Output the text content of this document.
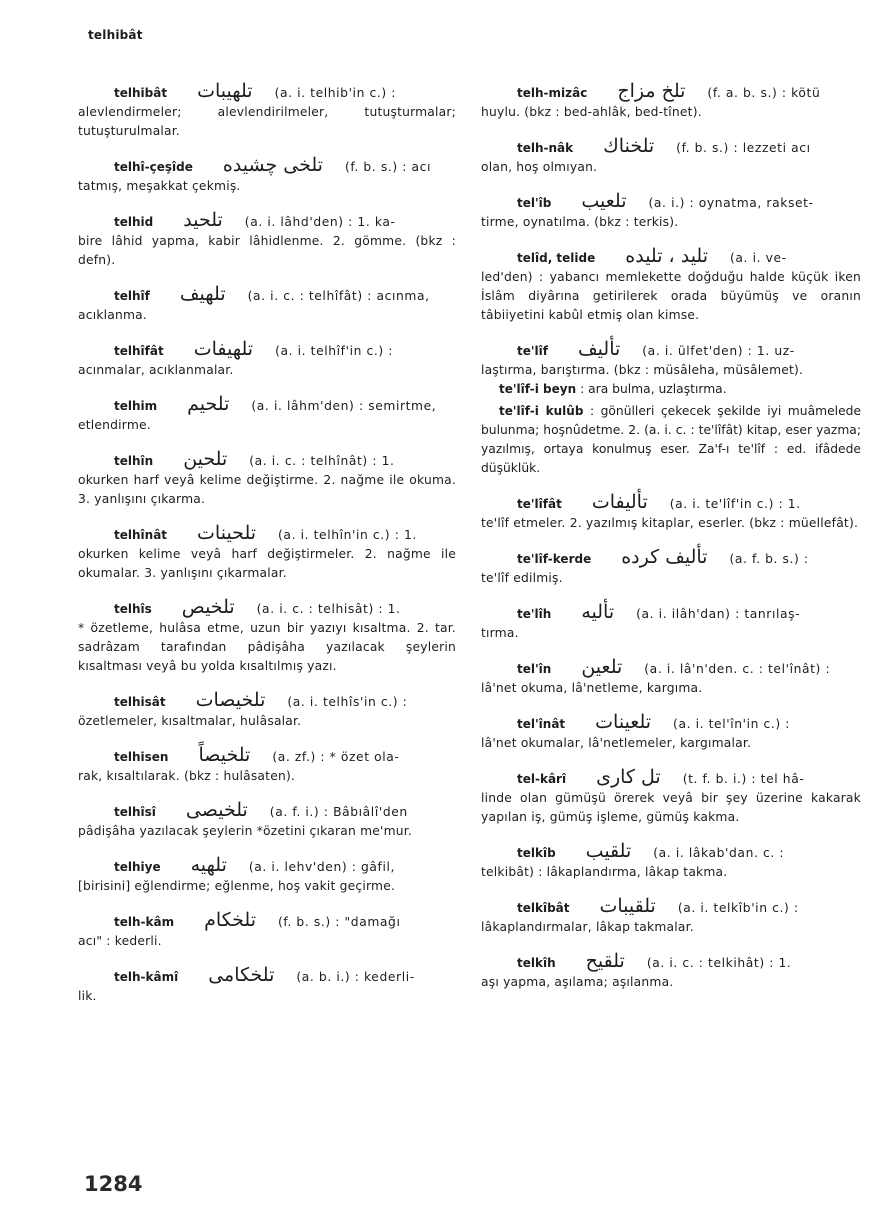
telhibât
telhibât تلهيبات (a. i. telhib'in c.) :
alevlendirmeler; alevlendirilmeler, tutuşturmalar; tutuşturulmalar.
telhî-çeşîde تلخى چشيده (f. b. s.) : acı
tatmış, meşakkat çekmiş.
telhid تلحيد (a. i. lâhd'den) : 1. ka-
bire lâhid yapma, kabir lâhidlenme. 2. gömme. (bkz : defn).
telhîf تلهيف (a. i. c. : telhîfât) : acınma,
acıklanma.
telhîfât تلهيفات (a. i. telhîf'in c.) :
acınmalar, acıklanmalar.
telhim تلحيم (a. i. lâhm'den) : semirtme,
etlendirme.
telhîn تلحين (a. i. c. : telhînât) : 1.
okurken harf veyâ kelime değiştirme. 2. nağme ile okuma. 3. yanlışını çıkarma.
telhînât تلحينات (a. i. telhîn'in c.) : 1.
okurken kelime veyâ harf değiştirmeler. 2. nağme ile okumalar. 3. yanlışını çıkarmalar.
telhîs تلخيص (a. i. c. : telhisât) : 1.
* özetleme, hulâsa etme, uzun bir yazıyı kısaltma. 2. tar. sadrâzam tarafından pâdişâha yazılacak şeylerin kısaltması veyâ bu yolda kısaltılmış yazı.
telhisât تلخيصات (a. i. telhîs'in c.) :
özetlemeler, kısaltmalar, hulâsalar.
telhisen تلخيصاً (a. zf.) : * özet ola-
rak, kısaltılarak. (bkz : hulâsaten).
telhîsî تلخيصى (a. f. i.) : Bâbıâlî'den
pâdişâha yazılacak şeylerin *özetini çıkaran me'mur.
telhiye تلهيه (a. i. lehv'den) : gâfil,
[birisini] eğlendirme; eğlenme, hoş vakit geçirme.
telh-kâm تلخكام (f. b. s.) : "damağı
acı" : kederli.
telh-kâmî تلخكامى (a. b. i.) : kederli-
lik.
telh-mizâc تلخ مزاج (f. a. b. s.) : kötü
huylu. (bkz : bed-ahlâk, bed-tînet).
telh-nâk تلخناك (f. b. s.) : lezzeti acı
olan, hoş olmıyan.
tel'îb تلعيب (a. i.) : oynatma, rakset-
tirme, oynatılma. (bkz : terkis).
telîd, telide تليد ، تليده (a. i. ve-
led'den) : yabancı memlekette doğduğu halde küçük iken İslâm diyârına getirilerek orada büyümüş ve oranın tâbiiyetini kabûl etmiş olan kimse.
te'lîf تأليف (a. i. ülfet'den) : 1. uz-
laştırma, barıştırma. (bkz : müsâleha, müsâlemet).
te'lîf-i beyn : ara bulma, uzlaştırma.
te'lîf-i kulûb : gönülleri çekecek şekilde iyi muâmelede bulunma; hoşnûdetme. 2. (a. i. c. : te'lîfât) kitap, eser yazma; yazılmış, ortaya konulmuş eser. Za'f-ı te'lîf : ed. ifâdede düşüklük.
te'lîfât تأليفات (a. i. te'lîf'in c.) : 1.
te'lîf etmeler. 2. yazılmış kitaplar, eserler. (bkz : müellefât).
te'lîf-kerde تأليف كرده (a. f. b. s.) :
te'lîf edilmiş.
te'lîh تأليه (a. i. ilâh'dan) : tanrılaş-
tırma.
tel'în تلعين (a. i. lâ'n'den. c. : tel'înât) :
lâ'net okuma, lâ'netleme, kargıma.
tel'înât تلعينات (a. i. tel'în'in c.) :
lâ'net okumalar, lâ'netlemeler, kargımalar.
tel-kârî تل كارى (t. f. b. i.) : tel hâ-
linde olan gümüşü örerek veyâ bir şey üzerine kakarak yapılan iş, gümüş işleme, gümüş kakma.
telkîb تلقيب (a. i. lâkab'dan. c. :
telkibât) : lâkaplandırma, lâkap takma.
telkîbât تلقيبات (a. i. telkîb'in c.) :
lâkaplandırmalar, lâkap takmalar.
telkîh تلقيح (a. i. c. : telkihât) : 1.
aşı yapma, aşılama; aşılanma.
1284
